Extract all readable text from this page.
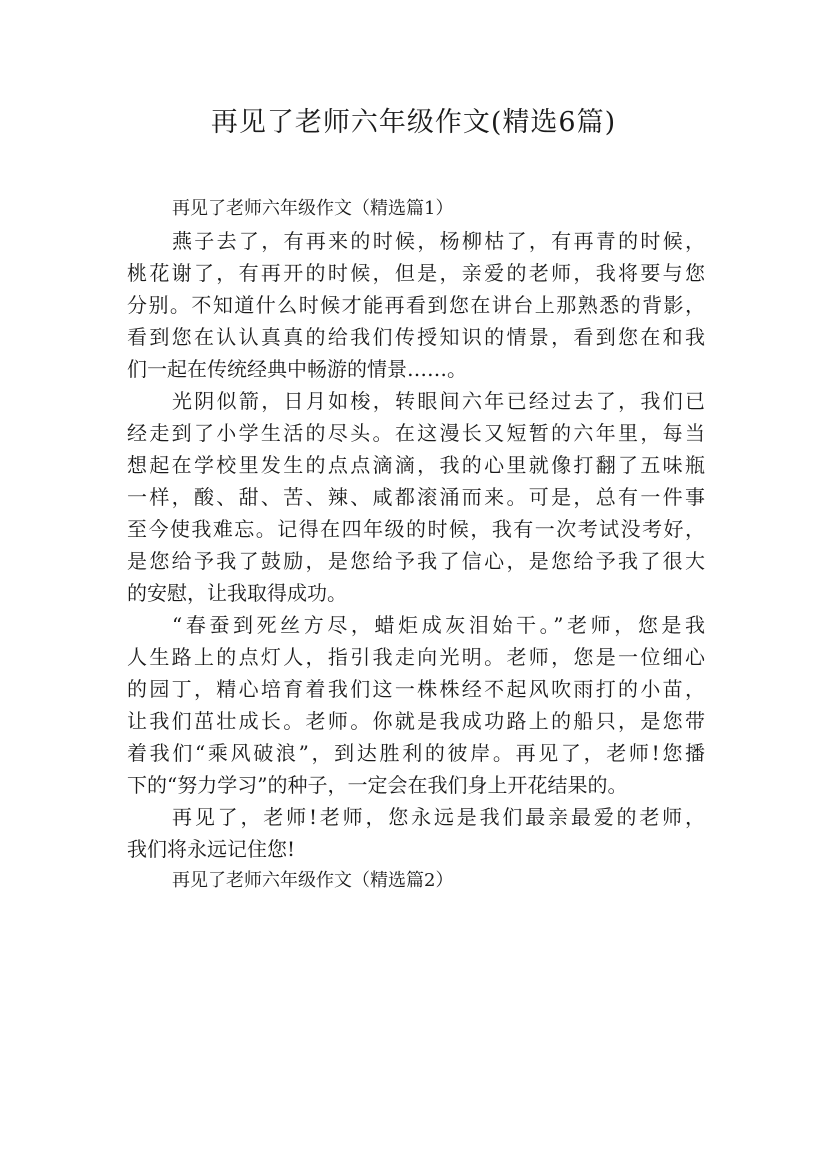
再见了老师六年级作文(精选6篇)

再见了老师六年级作文（精选篇1）

燕子去了，有再来的时候，杨柳枯了，有再青的时候，
桃花谢了，有再开的时候，但是，亲爱的老师，我将要与您
分别。不知道什么时候才能再看到您在讲台上那熟悉的背影，
看到您在认认真真的给我们传授知识的情景，看到您在和我
们一起在传统经典中畅游的情景……。

光阴似箭，日月如梭，转眼间六年已经过去了，我们已
经走到了小学生活的尽头。在这漫长又短暂的六年里，每当
想起在学校里发生的点点滴滴，我的心里就像打翻了五味瓶
一样，酸、甜、苦、辣、咸都滚涌而来。可是，总有一件事
至今使我难忘。记得在四年级的时候，我有一次考试没考好，
是您给予我了鼓励，是您给予我了信心，是您给予我了很大
的安慰，让我取得成功。

“春蚕到死丝方尽，蜡炬成灰泪始干。”老师，您是我
人生路上的点灯人，指引我走向光明。老师，您是一位细心
的园丁，精心培育着我们这一株株经不起风吹雨打的小苗，
让我们茁壮成长。老师。你就是我成功路上的船只，是您带
着我们“乘风破浪”，到达胜利的彼岸。再见了，老师!您播
下的“努力学习”的种子，一定会在我们身上开花结果的。

再见了，老师!老师，您永远是我们最亲最爱的老师，
我们将永远记住您!

再见了老师六年级作文（精选篇2）
